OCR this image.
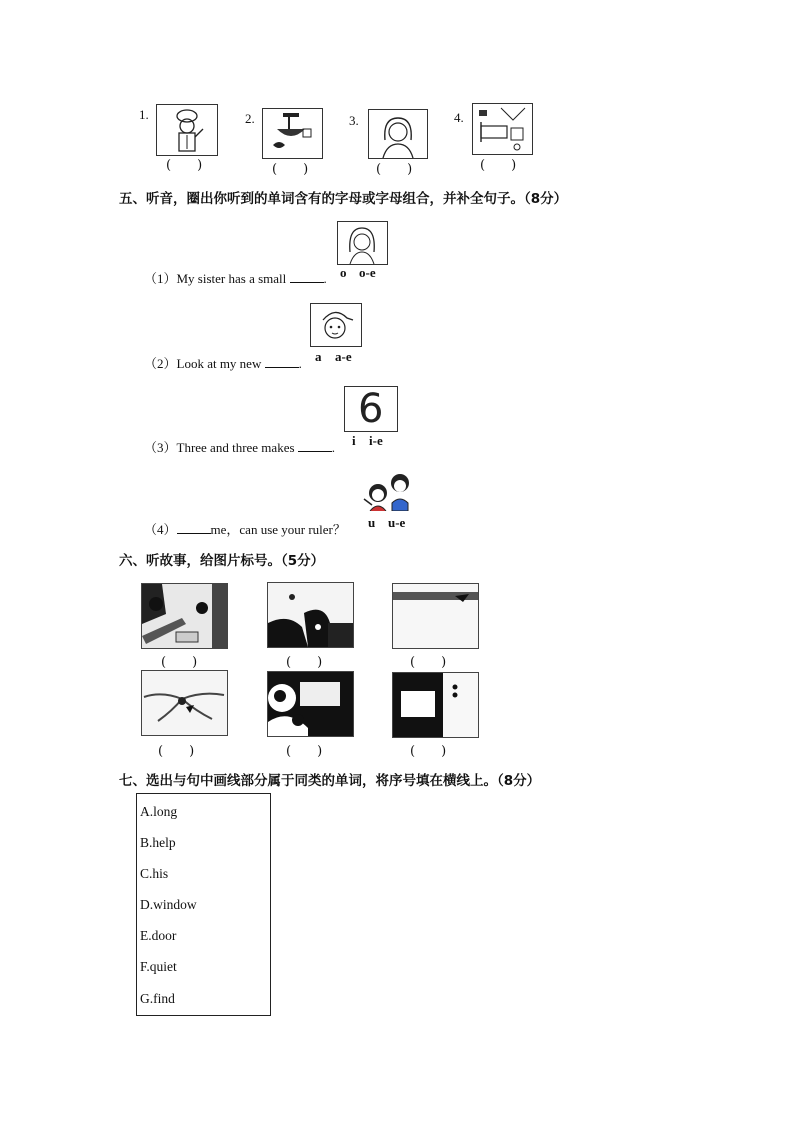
1.
(　　)
2.
(　　)
3.
(　　)
4.
(　　)
五、听音，圈出你听到的单词含有的字母或字母组合，并补全句子。（8分）
（1）My sister has a small	. o o-e
（2）Look at my new	. a a-e
6
（3）Three and three makes	. i i-e
（4）	me，can use your ruler？ u u-e
六、听故事，给图片标号。（5分）
(　　)	(　　)	(　　)
(　　)	(　　)	(　　)
七、选出与句中画线部分属于同类的单词，将序号填在横线上。（8分）
A.long
B.help
C.his
D.window
E.door
F.quiet
G.find
